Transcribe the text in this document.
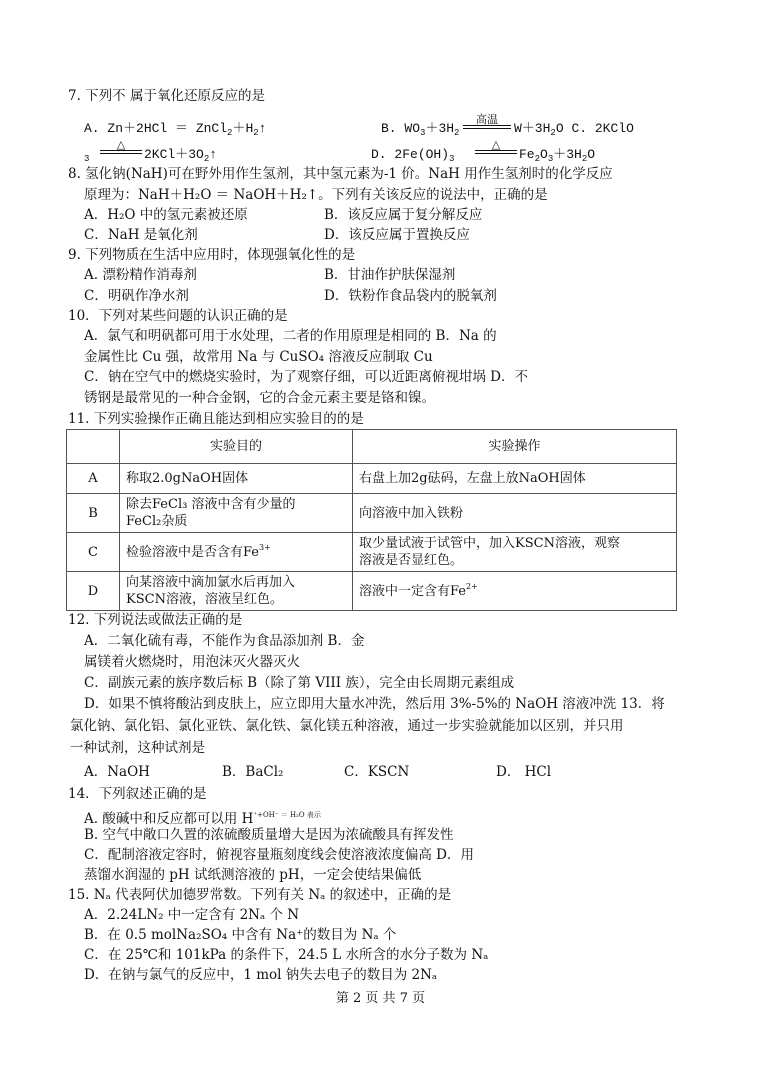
7. 下列不 属于氧化还原反应的是
A. $Zn+2HCl = ZnCl_2+H_2↑$	B. $WO_3+3H_2$
高温
$W+3H_2O$ C. 2KClO
$_3$
△
$2KCl+3O_2↑$	D. $2Fe(OH)_3$
△
$Fe_2O_3+3H_2O$
8. 氢化钠(NaH)可在野外用作生氢剂，其中氢元素为-1 价。NaH 用作生氢剂时的化学反应
原理为：NaH＋H₂O ＝ NaOH＋H₂↑。下列有关该反应的说法中，正确的是
A．H₂O 中的氢元素被还原	B．该反应属于复分解反应
C．NaH 是氧化剂	D．该反应属于置换反应
9. 下列物质在生活中应用时，体现强氧化性的是
A. 漂粉精作消毒剂	B．甘油作护肤保湿剂
C．明矾作净水剂	D．铁粉作食品袋内的脱氧剂
10．下列对某些问题的认识正确的是
A．氯气和明矾都可用于水处理，二者的作用原理是相同的 B．Na 的
金属性比 Cu 强，故常用 Na 与 CuSO₄ 溶液反应制取 Cu
C．钠在空气中的燃烧实验时，为了观察仔细，可以近距离俯视坩埚 D．不
锈钢是最常见的一种合金钢，它的合金元素主要是铬和镍。
11. 下列实验操作正确且能达到相应实验目的的是
	实验目的	实验操作
A	称取2.0gNaOH固体	右盘上加2g砝码，左盘上放NaOH固体
B	除去FeCl₃ 溶液中含有少量的
FeCl₂杂质	向溶液中加入铁粉
C	检验溶液中是否含有$Fe^{3+}$	取少量试液于试管中，加入KSCN溶液，观察
溶液是否显红色。

D	向某溶液中滴加氯水后再加入
KSCN溶液，溶液呈红色。	溶液中一定含有$Fe^{2+}$
12. 下列说法或做法正确的是
A．二氧化硫有毒，不能作为食品添加剂 B．金
属镁着火燃烧时，用泡沫灭火器灭火
C．副族元素的族序数后标 B（除了第 VIII 族），完全由长周期元素组成
D．如果不慎将酸沾到皮肤上，应立即用大量水冲洗，然后用 3%-5%的 NaOH 溶液冲洗 13．将
氯化钠、氯化铝、氯化亚铁、氯化铁、氯化镁五种溶液，通过一步实验就能加以区别，并只用
一种试剂，这种试剂是
A．NaOH	B．BaCl₂	C．KSCN	D． HCl
14．下列叙述正确的是
A. 酸碱中和反应都可以用 $H^{^++OH^- = H_2O 表示}$
B. 空气中敞口久置的浓硫酸质量增大是因为浓硫酸具有挥发性
C．配制溶液定容时，俯视容量瓶刻度线会使溶液浓度偏高 D．用
蒸馏水润湿的 pH 试纸测溶液的 pH，一定会使结果偏低
15. Nₐ 代表阿伏加德罗常数。下列有关 Nₐ 的叙述中，正确的是
A．2.24LN₂ 中一定含有 2Nₐ 个 N
B．在 0.5 molNa₂SO₄ 中含有 Na⁺的数目为 Nₐ 个
C．在 25℃和 101kPa 的条件下，24.5 L 水所含的水分子数为 Nₐ
D．在钠与氯气的反应中，1 mol 钠失去电子的数目为 2Nₐ
第 2 页 共 7 页
